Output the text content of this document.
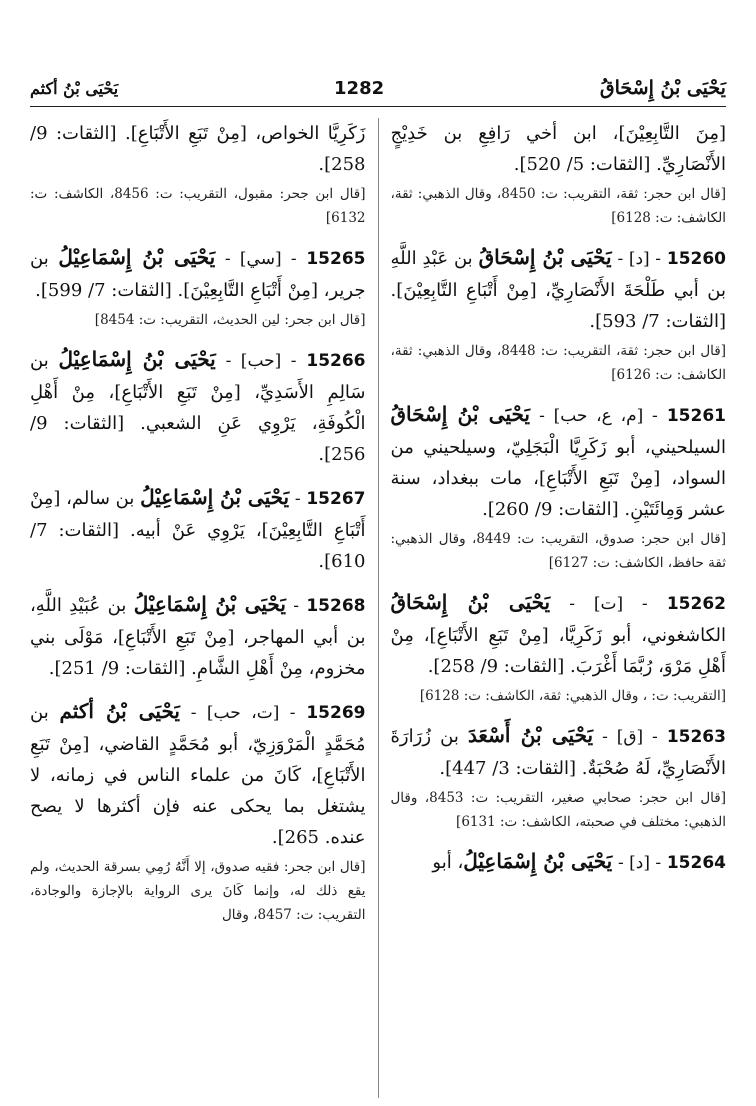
يَحْيَى بْنُ أكثم	1282	يَحْيَى بْنُ إِسْحَاقُ

زَكَرِيَّا الخواص، [مِنْ تَبَعِ الأَتْبَاعِ]. [الثقات: 9/ 258].

[قال ابن جحر: مقبول، التقريب: ت: 8456، الكاشف: ت: 6132]

15265 - [سي] - يَحْيَى بْنُ إِسْمَاعِيْلُ بن جرير، [مِنْ أَتْبَاعِ التَّابِعِيْنَ]. [الثقات: 7/ 599].

[قال ابن جحر: لين الحديث، التقريب: ت: 8454]

15266 - [حب] - يَحْيَى بْنُ إِسْمَاعِيْلُ بن سَالِمِ الأَسَدِيِّ، [مِنْ تَبَعِ الأَتْبَاعِ]، مِنْ أَهْلِ الْكُوفَةِ، يَرْوِي عَنِ الشعبي. [الثقات: 9/ 256].

15267 - يَحْيَى بْنُ إِسْمَاعِيْلُ بن سالم، [مِنْ أَتْبَاعِ التَّابِعِيْنَ]، يَرْوِي عَنْ أبيه. [الثقات: 7/ 610].

15268 - يَحْيَى بْنُ إِسْمَاعِيْلُ بن عُبَيْدِ اللَّهِ، بن أبي المهاجر، [مِنْ تَبَعِ الأَتْبَاعِ]، مَوْلَى بني مخزوم، مِنْ أَهْلِ الشَّامِ. [الثقات: 9/ 251].

15269 - [ت، حب] - يَحْيَى بْنُ أكثم بن مُحَمَّدٍ الْمَرْوَزِيّ، أبو مُحَمَّدٍ القاضي، [مِنْ تَبَعِ الأَتْبَاعِ]، كَانَ من علماء الناس في زمانه، لا يشتغل بما يحكى عنه فإن أكثرها لا يصح عنده. 265].

[قال ابن جحر: فقيه صدوق، إلا أَنَّهُ رُمِي بسرقة الحديث، ولم يقع ذلك له، وإنما كَانَ يرى الرواية بالإجازة والوجادة، التقريب: ت: 8457، وقال

[مِنَ التَّابِعِيْنَ]، ابن أخي رَافِعِ بن خَدِيْجٍ الأَنْصَارِيِّ. [الثقات: 5/ 520].

[قال ابن حجر: ثقة، التقريب: ت: 8450، وقال الذهبي: ثقة، الكاشف: ت: 6128]

15260 - [د] - يَحْيَى بْنُ إِسْحَاقُ بن عَبْدِ اللَّهِ بن أبي طَلْحَةَ الأَنْصَارِيِّ، [مِنْ أَتْبَاعِ التَّابِعِيْنَ]. [الثقات: 7/ 593].

[قال ابن حجر: ثقة، التقريب: ت: 8448، وقال الذهبي: ثقة، الكاشف: ت: 6126]

15261 - [م، ع، حب] - يَحْيَى بْنُ إِسْحَاقُ السيلحيني، أبو زَكَرِيَّا الْبَجَلِيّ، وسيلحيني من السواد، [مِنْ تَبَعِ الأَتْبَاعِ]، مات ببغداد، سنة عشر وَمِائَتَيْنِ. [الثقات: 9/ 260].

[قال ابن حجر: صدوق، التقريب: ت: 8449، وقال الذهبي: ثقة حافظ، الكاشف: ت: 6127]

15262 - [ت] - يَحْيَى بْنُ إِسْحَاقُ الكاشغوني، أبو زَكَرِيَّا، [مِنْ تَبَعِ الأَتْبَاعِ]، مِنْ أَهْلِ مَرْوَ، رُبَّمَا أَغْرَبَ. [الثقات: 9/ 258].

[التقريب: ت: ، وقال الذهبي: ثقة، الكاشف: ت: 6128]

15263 - [ق] - يَحْيَى بْنُ أَسْعَدَ بن زُرَارَةَ الأَنْصَارِيِّ، لَهُ صُحْبَةٌ. [الثقات: 3/ 447].

[قال ابن حجر: صحابي صغير، التقريب: ت: 8453، وقال الذهبي: مختلف في صحبته، الكاشف: ت: 6131]

15264 - [د] - يَحْيَى بْنُ إِسْمَاعِيْلُ، أبو
